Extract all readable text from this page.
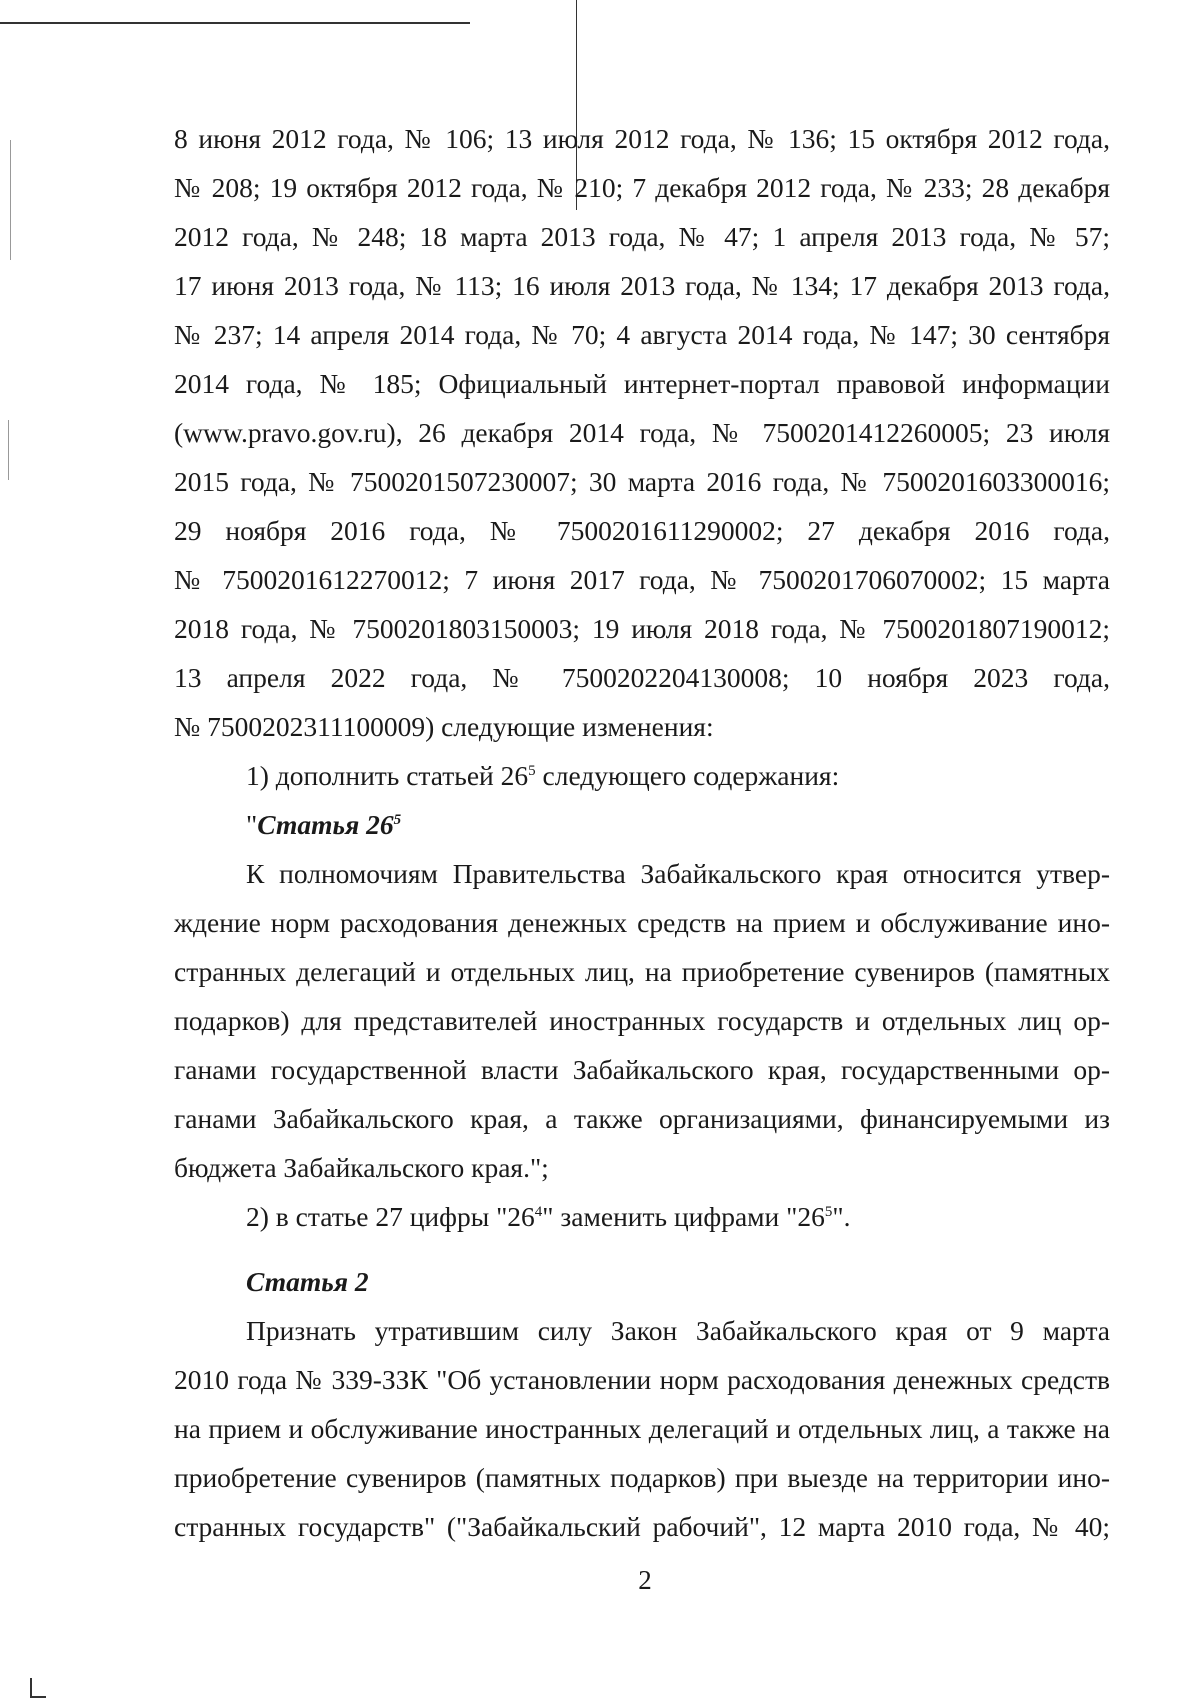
8 июня 2012 года, № 106; 13 июля 2012 года, № 136; 15 октября 2012 года,
№ 208; 19 октября 2012 года, № 210; 7 декабря 2012 года, № 233; 28 декабря
2012 года, № 248; 18 марта 2013 года, № 47; 1 апреля 2013 года, № 57;
17 июня 2013 года, № 113; 16 июля 2013 года, № 134; 17 декабря 2013 года,
№ 237; 14 апреля 2014 года, № 70; 4 августа 2014 года, № 147; 30 сентября
2014 года, № 185; Официальный интернет-портал правовой информации
(www.pravo.gov.ru), 26 декабря 2014 года, № 7500201412260005; 23 июля
2015 года, № 7500201507230007; 30 марта 2016 года, № 7500201603300016;
29 ноября 2016 года, № 7500201611290002; 27 декабря 2016 года,
№ 7500201612270012; 7 июня 2017 года, № 7500201706070002; 15 марта
2018 года, № 7500201803150003; 19 июля 2018 года, № 7500201807190012;
13 апреля 2022 года, № 7500202204130008; 10 ноября 2023 года,
№ 7500202311100009) следующие изменения:
1) дополнить статьей $26^5$ следующего содержания:
"Статья $26^5$
К полномочиям Правительства Забайкальского края относится утвер-
ждение норм расходования денежных средств на прием и обслуживание ино-
странных делегаций и отдельных лиц, на приобретение сувениров (памятных
подарков) для представителей иностранных государств и отдельных лиц ор-
ганами государственной власти Забайкальского края, государственными ор-
ганами Забайкальского края, а также организациями, финансируемыми из
бюджета Забайкальского края.";
2) в статье 27 цифры "$26^4$" заменить цифрами "$26^5$".
Статья 2
Признать утратившим силу Закон Забайкальского края от 9 марта
2010 года № 339-ЗЗК "Об установлении норм расходования денежных средств
на прием и обслуживание иностранных делегаций и отдельных лиц, а также на
приобретение сувениров (памятных подарков) при выезде на территории ино-
странных государств" ("Забайкальский рабочий", 12 марта 2010 года, № 40;
2
